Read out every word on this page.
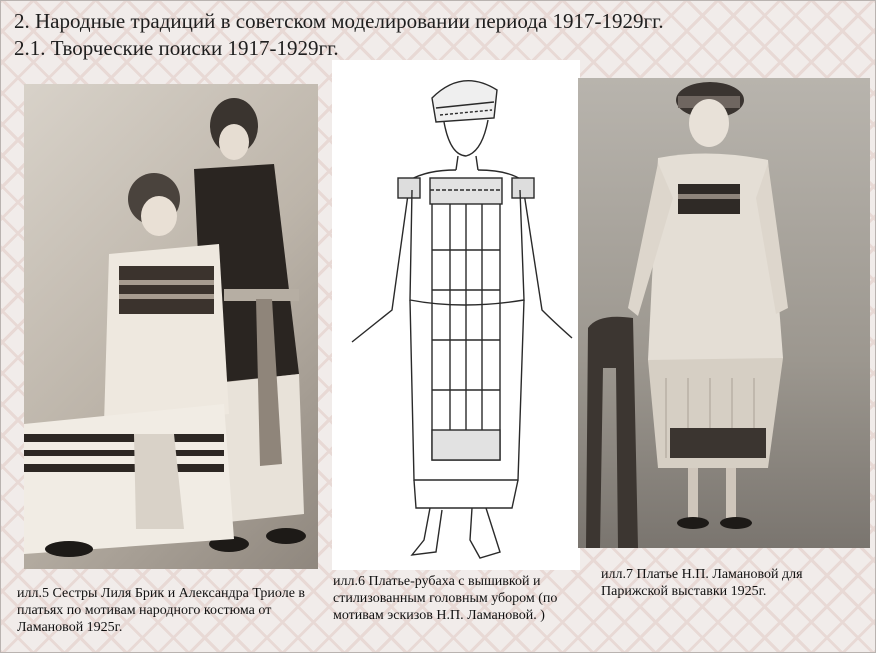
2. Народные традиций в советском моделировании периода 1917-1929гг.
2.1. Творческие поиски 1917-1929гг.
илл.5 Сестры Лиля Брик и Александра Триоле в платьях по мотивам народного костюма от Ламановой 1925г.
илл.6 Платье-рубаха с вышивкой и стилизованным головным убором (по мотивам эскизов Н.П. Ламановой. )
илл.7 Платье Н.П. Ламановой для Парижской выставки 1925г.
